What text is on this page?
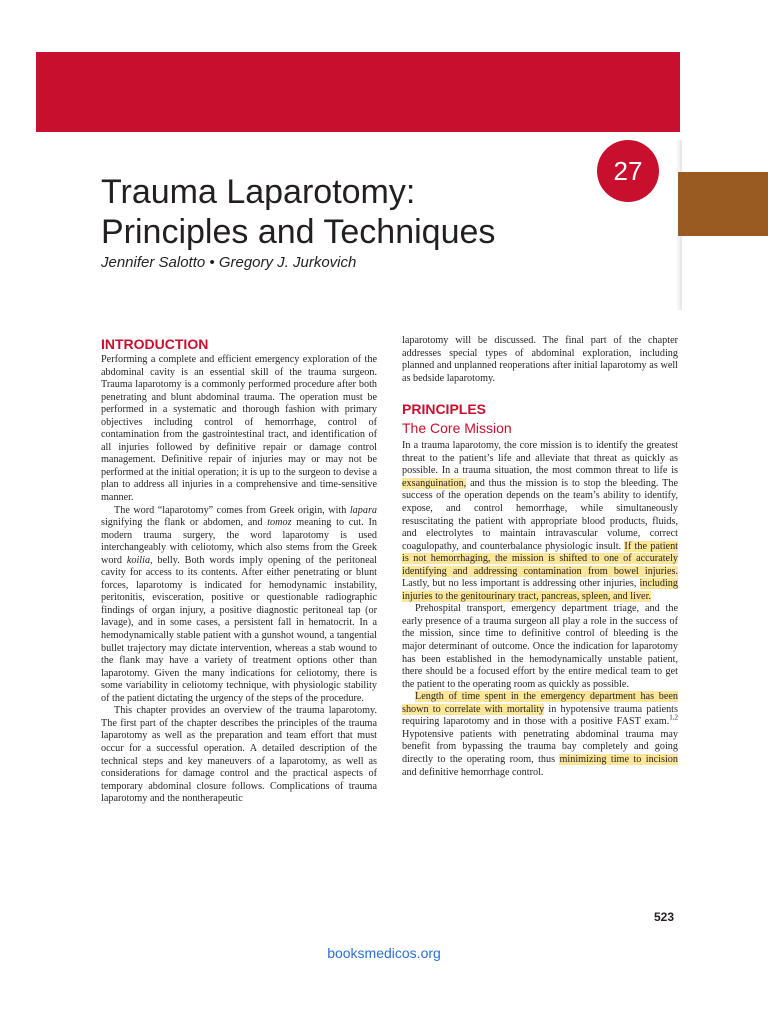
27
Trauma Laparotomy:
Principles and Techniques
Jennifer Salotto • Gregory J. Jurkovich
INTRODUCTION

Performing a complete and efficient emergency exploration of the abdominal cavity is an essential skill of the trauma surgeon. Trauma laparotomy is a commonly performed procedure after both penetrating and blunt abdominal trauma. The operation must be performed in a systematic and thorough fashion with primary objectives including control of hemorrhage, control of contamination from the gastrointestinal tract, and identification of all injuries followed by definitive repair or damage control management. Definitive repair of injuries may or may not be performed at the initial operation; it is up to the surgeon to devise a plan to address all injuries in a comprehensive and time-sensitive manner.

The word “laparotomy” comes from Greek origin, with lapara signifying the flank or abdomen, and tomoz meaning to cut. In modern trauma surgery, the word laparotomy is used interchangeably with celiotomy, which also stems from the Greek word koilia, belly. Both words imply opening of the peritoneal cavity for access to its contents. After either penetrating or blunt forces, laparotomy is indicated for hemodynamic instability, peritonitis, evisceration, positive or questionable radiographic findings of organ injury, a positive diagnostic peritoneal tap (or lavage), and in some cases, a persistent fall in hematocrit. In a hemodynamically stable patient with a gunshot wound, a tangential bullet trajectory may dictate intervention, whereas a stab wound to the flank may have a variety of treatment options other than laparotomy. Given the many indications for celiotomy, there is some variability in celiotomy technique, with physiologic stability of the patient dictating the urgency of the steps of the procedure.

This chapter provides an overview of the trauma laparotomy. The first part of the chapter describes the principles of the trauma laparotomy as well as the preparation and team effort that must occur for a successful operation. A detailed description of the technical steps and key maneuvers of a laparotomy, as well as considerations for damage control and the practical aspects of temporary abdominal closure follows. Complications of trauma laparotomy and the nontherapeutic

laparotomy will be discussed. The final part of the chapter addresses special types of abdominal exploration, including planned and unplanned reoperations after initial laparotomy as well as bedside laparotomy.

PRINCIPLES
The Core Mission

In a trauma laparotomy, the core mission is to identify the greatest threat to the patient’s life and alleviate that threat as quickly as possible. In a trauma situation, the most common threat to life is exsanguination, and thus the mission is to stop the bleeding. The success of the operation depends on the team’s ability to identify, expose, and control hemorrhage, while simultaneously resuscitating the patient with appropriate blood products, fluids, and electrolytes to maintain intravascular volume, correct coagulopathy, and counterbalance physiologic insult. If the patient is not hemorrhaging, the mission is shifted to one of accurately identifying and addressing contamination from bowel injuries. Lastly, but no less important is addressing other injuries, including injuries to the genitourinary tract, pancreas, spleen, and liver.

Prehospital transport, emergency department triage, and the early presence of a trauma surgeon all play a role in the success of the mission, since time to definitive control of bleeding is the major determinant of outcome. Once the indication for laparotomy has been established in the hemodynamically unstable patient, there should be a focused effort by the entire medical team to get the patient to the operating room as quickly as possible.

Length of time spent in the emergency department has been shown to correlate with mortality in hypotensive trauma patients requiring laparotomy and in those with a positive FAST exam.$^{1,2}$ Hypotensive patients with penetrating abdominal trauma may benefit from bypassing the trauma bay completely and going directly to the operating room, thus minimizing time to incision and definitive hemorrhage control.

523
booksmedicos.org
